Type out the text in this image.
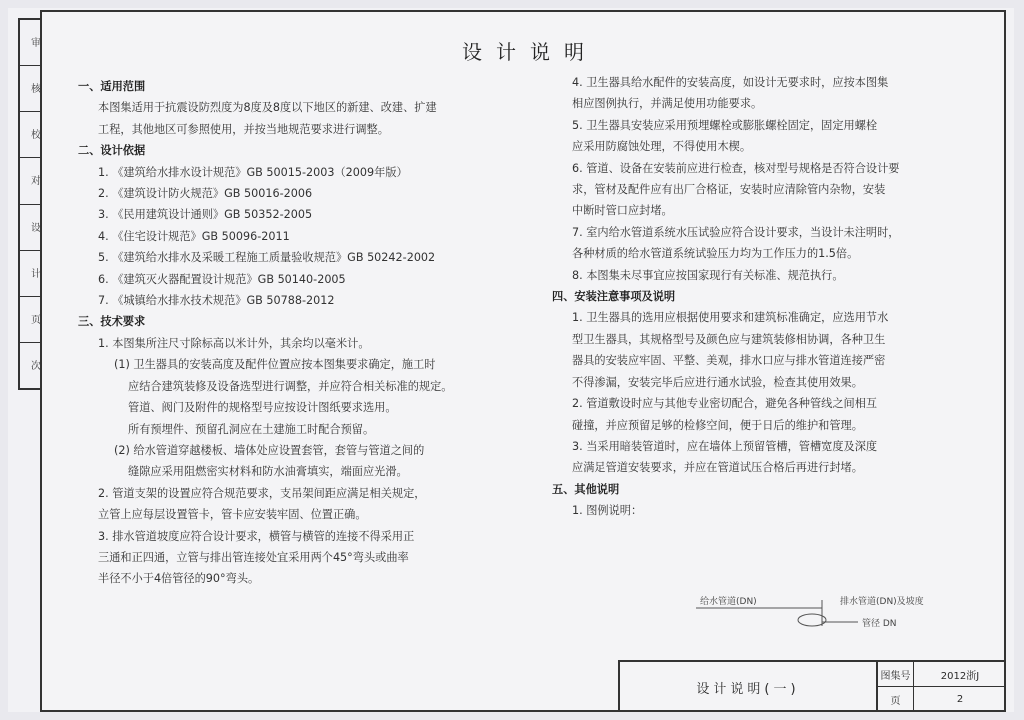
审
核
校
对
设
计
页
次
设计说明
一、适用范围
本图集适用于抗震设防烈度为8度及8度以下地区的新建、改建、扩建
工程，其他地区可参照使用，并按当地规范要求进行调整。
二、设计依据
1. 《建筑给水排水设计规范》GB 50015-2003（2009年版）
2. 《建筑设计防火规范》GB 50016-2006
3. 《民用建筑设计通则》GB 50352-2005
4. 《住宅设计规范》GB 50096-2011
5. 《建筑给水排水及采暖工程施工质量验收规范》GB 50242-2002
6. 《建筑灭火器配置设计规范》GB 50140-2005
7. 《城镇给水排水技术规范》GB 50788-2012
三、技术要求
1. 本图集所注尺寸除标高以米计外，其余均以毫米计。
(1) 卫生器具的安装高度及配件位置应按本图集要求确定，施工时
应结合建筑装修及设备选型进行调整，并应符合相关标准的规定。
管道、阀门及附件的规格型号应按设计图纸要求选用。
所有预埋件、预留孔洞应在土建施工时配合预留。
(2) 给水管道穿越楼板、墙体处应设置套管，套管与管道之间的
缝隙应采用阻燃密实材料和防水油膏填实，端面应光滑。
2. 管道支架的设置应符合规范要求，支吊架间距应满足相关规定，
立管上应每层设置管卡，管卡应安装牢固、位置正确。
3. 排水管道坡度应符合设计要求，横管与横管的连接不得采用正
三通和正四通，立管与排出管连接处宜采用两个45°弯头或曲率
半径不小于4倍管径的90°弯头。
4. 卫生器具给水配件的安装高度，如设计无要求时，应按本图集
相应图例执行，并满足使用功能要求。
5. 卫生器具安装应采用预埋螺栓或膨胀螺栓固定，固定用螺栓
应采用防腐蚀处理，不得使用木楔。
6. 管道、设备在安装前应进行检查，核对型号规格是否符合设计要
求，管材及配件应有出厂合格证，安装时应清除管内杂物，安装
中断时管口应封堵。
7. 室内给水管道系统水压试验应符合设计要求，当设计未注明时，
各种材质的给水管道系统试验压力均为工作压力的1.5倍。
8. 本图集未尽事宜应按国家现行有关标准、规范执行。
四、安装注意事项及说明
1. 卫生器具的选用应根据使用要求和建筑标准确定，应选用节水
型卫生器具，其规格型号及颜色应与建筑装修相协调，各种卫生
器具的安装应牢固、平整、美观，排水口应与排水管道连接严密
不得渗漏，安装完毕后应进行通水试验，检查其使用效果。
2. 管道敷设时应与其他专业密切配合，避免各种管线之间相互
碰撞，并应预留足够的检修空间，便于日后的维护和管理。
3. 当采用暗装管道时，应在墙体上预留管槽，管槽宽度及深度
应满足管道安装要求，并应在管道试压合格后再进行封堵。
五、其他说明
1. 图例说明：
给水管道(DN)	排水管道(DN)及坡度
管径 DN
设计说明(一)
图集号	2012浙J
页	2
